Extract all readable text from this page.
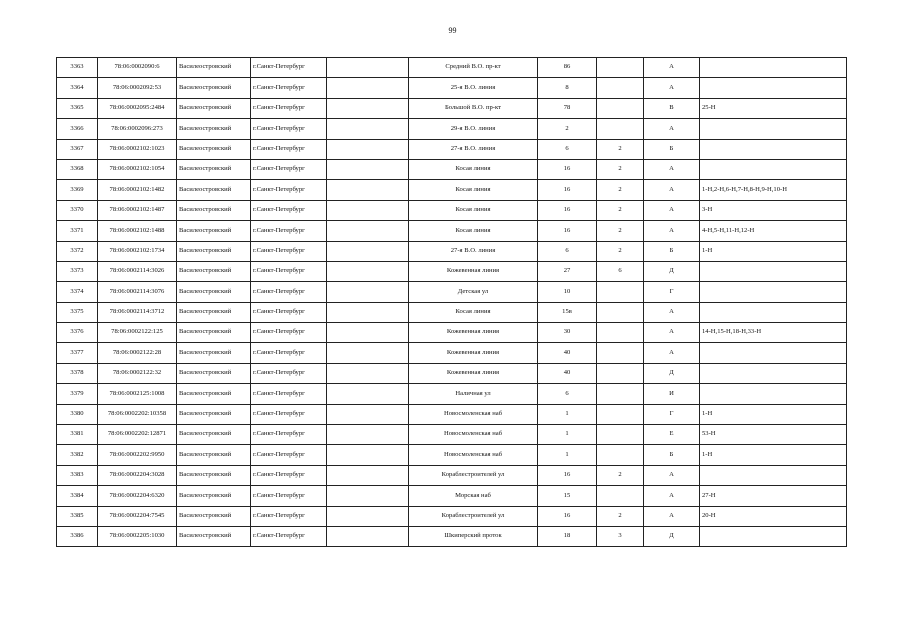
99
3363	78:06:0002090:6	Василеостровский	г.Санкт-Петербург		Средний В.О. пр-кт	86		А	
3364	78:06:0002092:53	Василеостровский	г.Санкт-Петербург		25-я В.О. линия	8		А	
3365	78:06:0002095:2484	Василеостровский	г.Санкт-Петербург		Большой В.О. пр-кт	78		В	25-Н
3366	78:06:0002096:273	Василеостровский	г.Санкт-Петербург		29-я В.О. линия	2		А	
3367	78:06:0002102:1023	Василеостровский	г.Санкт-Петербург		27-я В.О. линия	6	2	Б	
3368	78:06:0002102:1054	Василеостровский	г.Санкт-Петербург		Косая линия	16	2	А	
3369	78:06:0002102:1482	Василеостровский	г.Санкт-Петербург		Косая линия	16	2	А	1-Н,2-Н,6-Н,7-Н,8-Н,9-Н,10-Н
3370	78:06:0002102:1487	Василеостровский	г.Санкт-Петербург		Косая линия	16	2	А	3-Н
3371	78:06:0002102:1488	Василеостровский	г.Санкт-Петербург		Косая линия	16	2	А	4-Н,5-Н,11-Н,12-Н
3372	78:06:0002102:1734	Василеостровский	г.Санкт-Петербург		27-я В.О. линия	6	2	Б	1-Н
3373	78:06:0002114:3026	Василеостровский	г.Санкт-Петербург		Кожевенная линия	27	6	Д	
3374	78:06:0002114:3076	Василеостровский	г.Санкт-Петербург		Детская ул	10		Г	
3375	78:06:0002114:3712	Василеостровский	г.Санкт-Петербург		Косая линия	15в		А	
3376	78:06:0002122:125	Василеостровский	г.Санкт-Петербург		Кожевенная линия	30		А	14-Н,15-Н,18-Н,33-Н
3377	78:06:0002122:28	Василеостровский	г.Санкт-Петербург		Кожевенная линия	40		А	
3378	78:06:0002122:32	Василеостровский	г.Санкт-Петербург		Кожевенная линия	40		Д	
3379	78:06:0002125:1008	Василеостровский	г.Санкт-Петербург		Наличная ул	6		И	
3380	78:06:0002202:10358	Василеостровский	г.Санкт-Петербург		Новосмоленская наб	1		Г	1-Н
3381	78:06:0002202:12871	Василеостровский	г.Санкт-Петербург		Новосмоленская наб	1		Е	53-Н
3382	78:06:0002202:9950	Василеостровский	г.Санкт-Петербург		Новосмоленская наб	1		Б	1-Н
3383	78:06:0002204:3028	Василеостровский	г.Санкт-Петербург		Кораблестроителей ул	16	2	А	
3384	78:06:0002204:6320	Василеостровский	г.Санкт-Петербург		Морская наб	15		А	27-Н
3385	78:06:0002204:7545	Василеостровский	г.Санкт-Петербург		Кораблестроителей ул	16	2	А	20-Н
3386	78:06:0002205:1030	Василеостровский	г.Санкт-Петербург		Шкиперский проток	18	3	Д	
